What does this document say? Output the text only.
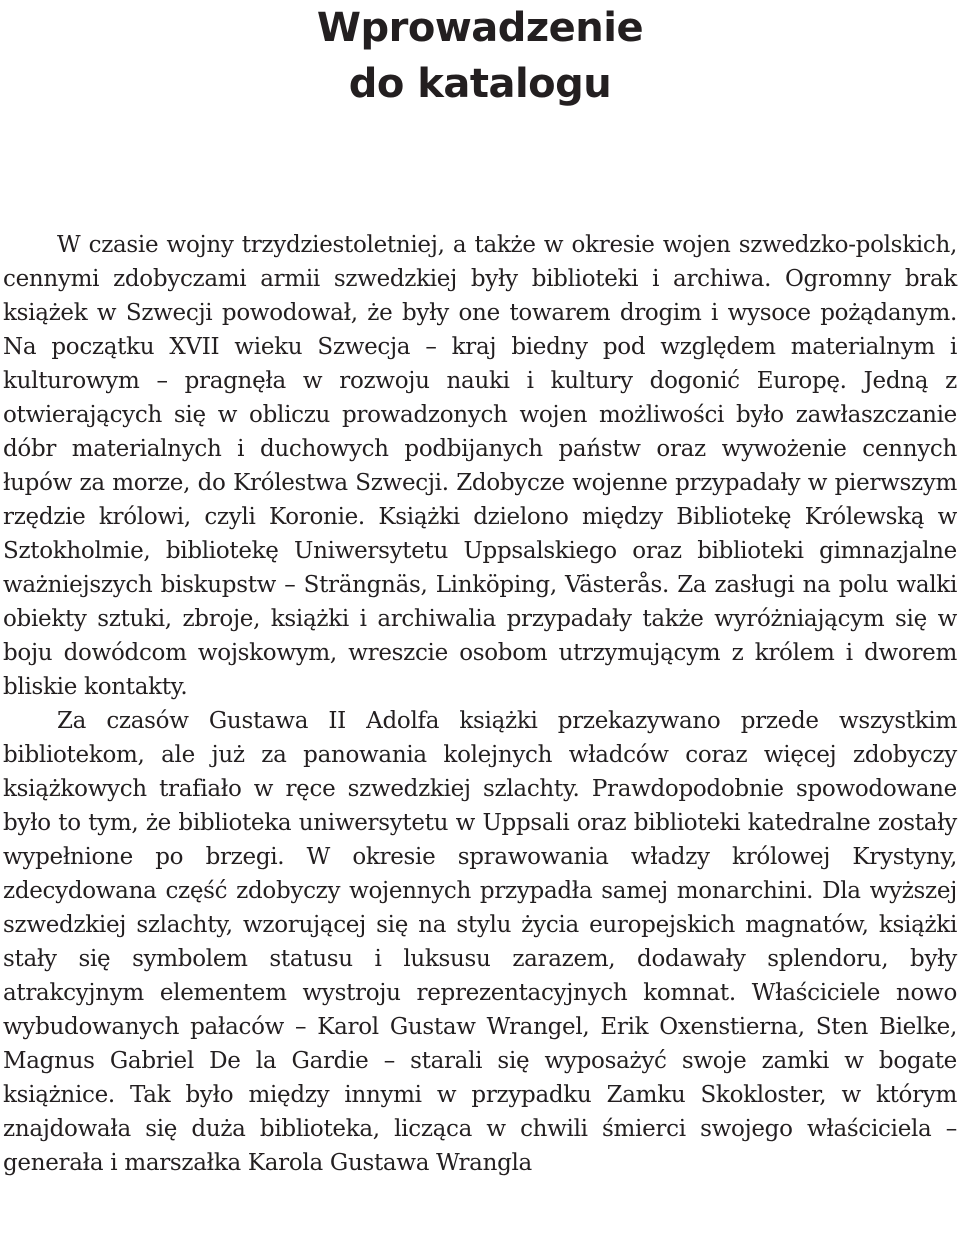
Wprowadzenie
do katalogu

W czasie wojny trzydziestoletniej, a także w okresie wojen szwedzko-polskich, cennymi zdobyczami armii szwedzkiej były biblioteki i archiwa. Ogromny brak książek w Szwecji powodował, że były one towarem drogim i wysoce pożądanym. Na początku XVII wieku Szwecja – kraj biedny pod względem materialnym i kulturowym – pragnęła w rozwoju nauki i kultury dogonić Europę. Jedną z otwierających się w obliczu prowadzonych wojen możliwości było zawłaszczanie dóbr materialnych i duchowych podbijanych państw oraz wywożenie cennych łupów za morze, do Królestwa Szwecji. Zdobycze wojenne przypadały w pierwszym rzędzie królowi, czyli Koronie. Książki dzielono między Bibliotekę Królewską w Sztokholmie, bibliotekę Uniwersytetu Uppsalskiego oraz biblioteki gimnazjalne ważniejszych biskupstw – Strängnäs, Linköping, Västerås. Za zasługi na polu walki obiekty sztuki, zbroje, książki i archiwalia przypadały także wyróżniającym się w boju dowódcom wojskowym, wreszcie osobom utrzymującym z królem i dworem bliskie kontakty.

Za czasów Gustawa II Adolfa książki przekazywano przede wszystkim bibliotekom, ale już za panowania kolejnych władców coraz więcej zdobyczy książkowych trafiało w ręce szwedzkiej szlachty. Prawdopodobnie spowodowane było to tym, że biblioteka uniwersytetu w Uppsali oraz biblioteki katedralne zostały wypełnione po brzegi. W okresie sprawowania władzy królowej Krystyny, zdecydowana część zdobyczy wojennych przypadła samej monarchini. Dla wyższej szwedzkiej szlachty, wzorującej się na stylu życia europejskich magnatów, książki stały się symbolem statusu i luksusu zarazem, dodawały splendoru, były atrakcyjnym elementem wystroju reprezentacyjnych komnat. Właściciele nowo wybudowanych pałaców – Karol Gustaw Wrangel, Erik Oxenstierna, Sten Bielke, Magnus Gabriel De la Gardie – starali się wyposażyć swoje zamki w bogate książnice. Tak było między innymi w przypadku Zamku Skokloster, w którym znajdowała się duża biblioteka, licząca w chwili śmierci swojego właściciela – generała i marszałka Karola Gustawa Wrangla
